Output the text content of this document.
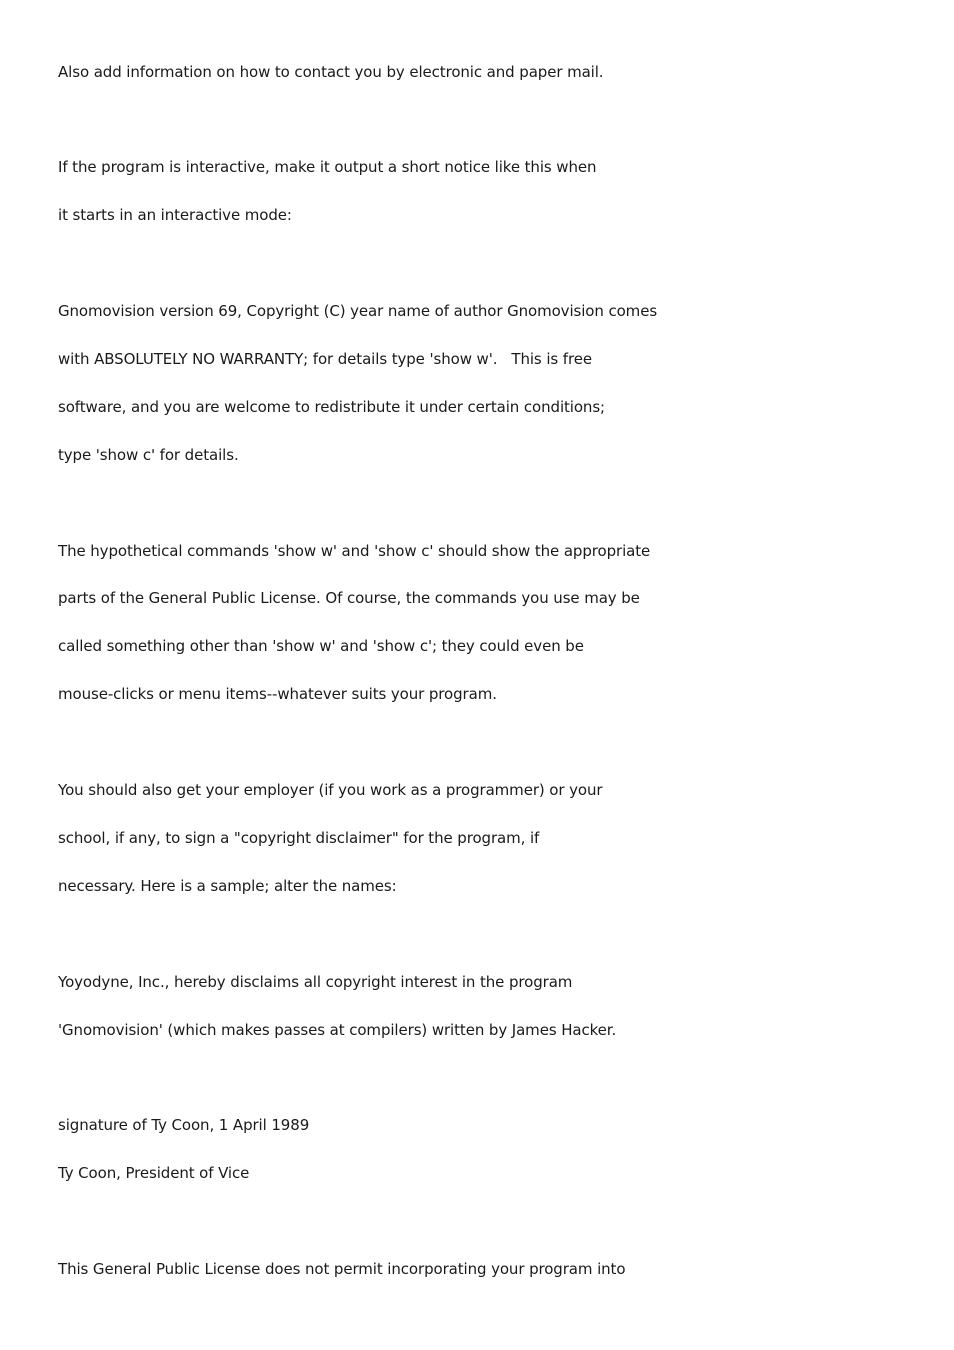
Also add information on how to contact you by electronic and paper mail.
If the program is interactive, make it output a short notice like this when
it starts in an interactive mode:
Gnomovision version 69, Copyright (C) year name of author Gnomovision comes
with ABSOLUTELY NO WARRANTY; for details type 'show w'.   This is free
software, and you are welcome to redistribute it under certain conditions;
type 'show c' for details.
The hypothetical commands 'show w' and 'show c' should show the appropriate
parts of the General Public License. Of course, the commands you use may be
called something other than 'show w' and 'show c'; they could even be
mouse-clicks or menu items--whatever suits your program.
You should also get your employer (if you work as a programmer) or your
school, if any, to sign a "copyright disclaimer" for the program, if
necessary. Here is a sample; alter the names:
Yoyodyne, Inc., hereby disclaims all copyright interest in the program
'Gnomovision' (which makes passes at compilers) written by James Hacker.
signature of Ty Coon, 1 April 1989
Ty Coon, President of Vice
This General Public License does not permit incorporating your program into
